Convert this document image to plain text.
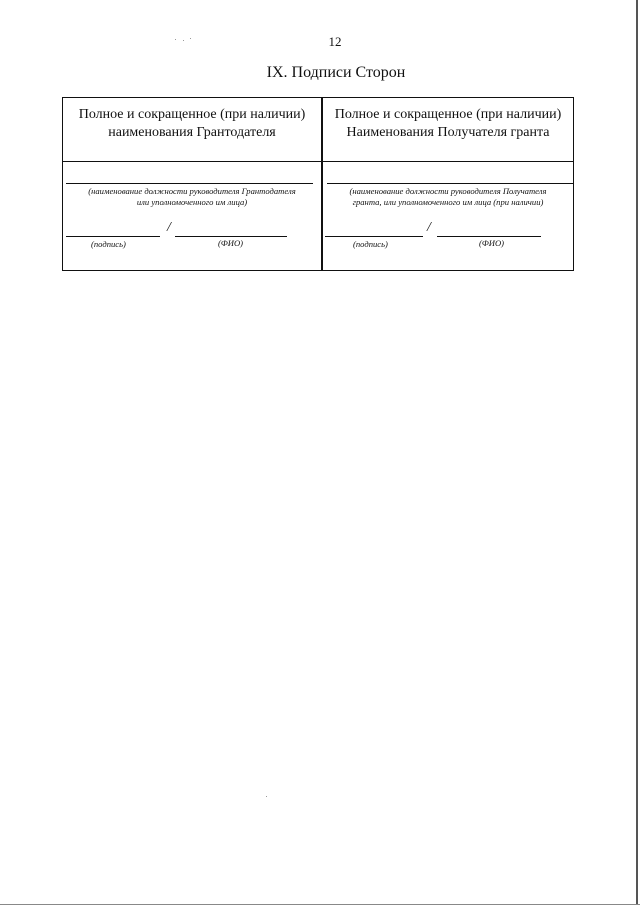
12
IX. Подписи Сторон
Полное и сокращенное (при наличии)
наименования Грантодателя
Полное и сокращенное (при наличии)
Наименования Получателя гранта
(наименование должности руководителя Грантодателя
или уполномоченного им лица)
/
(подпись)	(ФИО)
(наименование должности руководителя Получателя
гранта, или уполномоченного им лица (при наличии)
/
(подпись)	(ФИО)
